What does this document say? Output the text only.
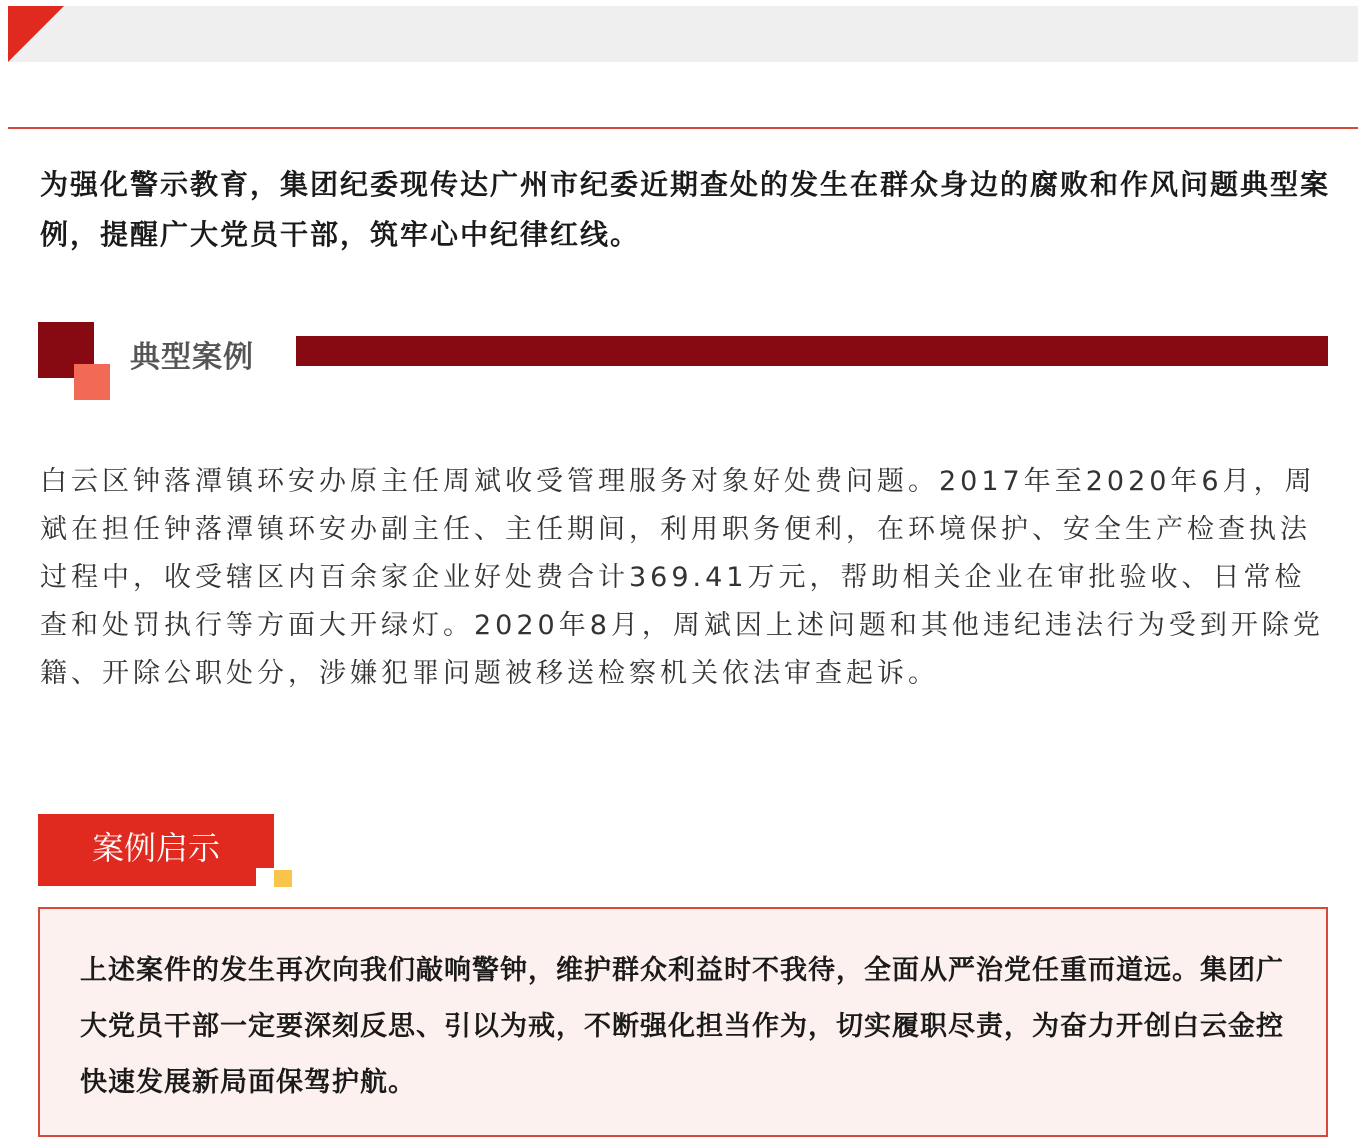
为强化警示教育，集团纪委现传达广州市纪委近期查处的发生在群众身边的腐败和作风问题典型案例，提醒广大党员干部，筑牢心中纪律红线。

典型案例

白云区钟落潭镇环安办原主任周斌收受管理服务对象好处费问题。2017年至2020年6月，周斌在担任钟落潭镇环安办副主任、主任期间，利用职务便利，在环境保护、安全生产检查执法过程中，收受辖区内百余家企业好处费合计369.41万元，帮助相关企业在审批验收、日常检查和处罚执行等方面大开绿灯。2020年8月，周斌因上述问题和其他违纪违法行为受到开除党籍、开除公职处分，涉嫌犯罪问题被移送检察机关依法审查起诉。

案例启示

上述案件的发生再次向我们敲响警钟，维护群众利益时不我待，全面从严治党任重而道远。集团广大党员干部一定要深刻反思、引以为戒，不断强化担当作为，切实履职尽责，为奋力开创白云金控快速发展新局面保驾护航。
